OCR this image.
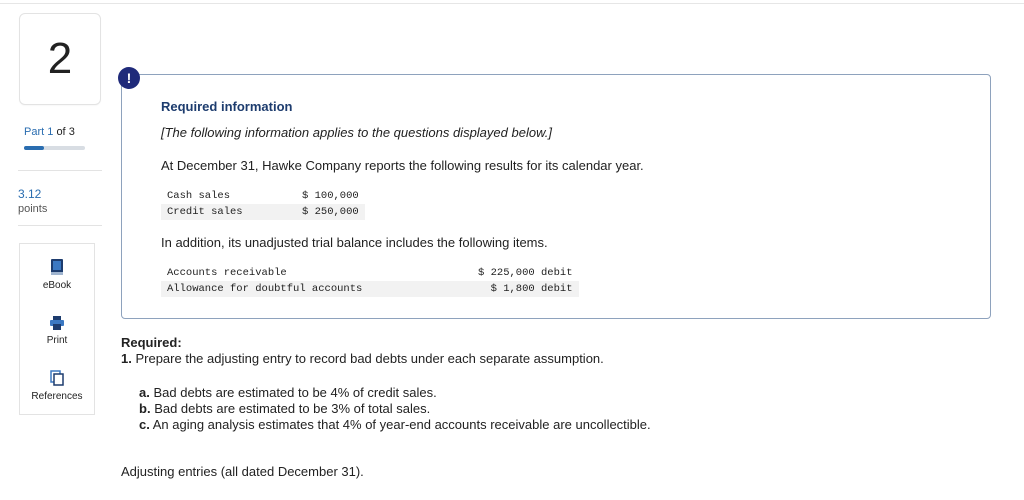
2
Part 1 of 3
3.12
points
eBook
Print
References
Required information
[The following information applies to the questions displayed below.]
At December 31, Hawke Company reports the following results for its calendar year.
Cash sales	$ 100,000
Credit sales	$ 250,000
In addition, its unadjusted trial balance includes the following items.
Accounts receivable	$ 225,000 debit
Allowance for doubtful accounts	$ 1,800 debit
!
Required:
1. Prepare the adjusting entry to record bad debts under each separate assumption.
a. Bad debts are estimated to be 4% of credit sales.
b. Bad debts are estimated to be 3% of total sales.
c. An aging analysis estimates that 4% of year-end accounts receivable are uncollectible.
Adjusting entries (all dated December 31).
